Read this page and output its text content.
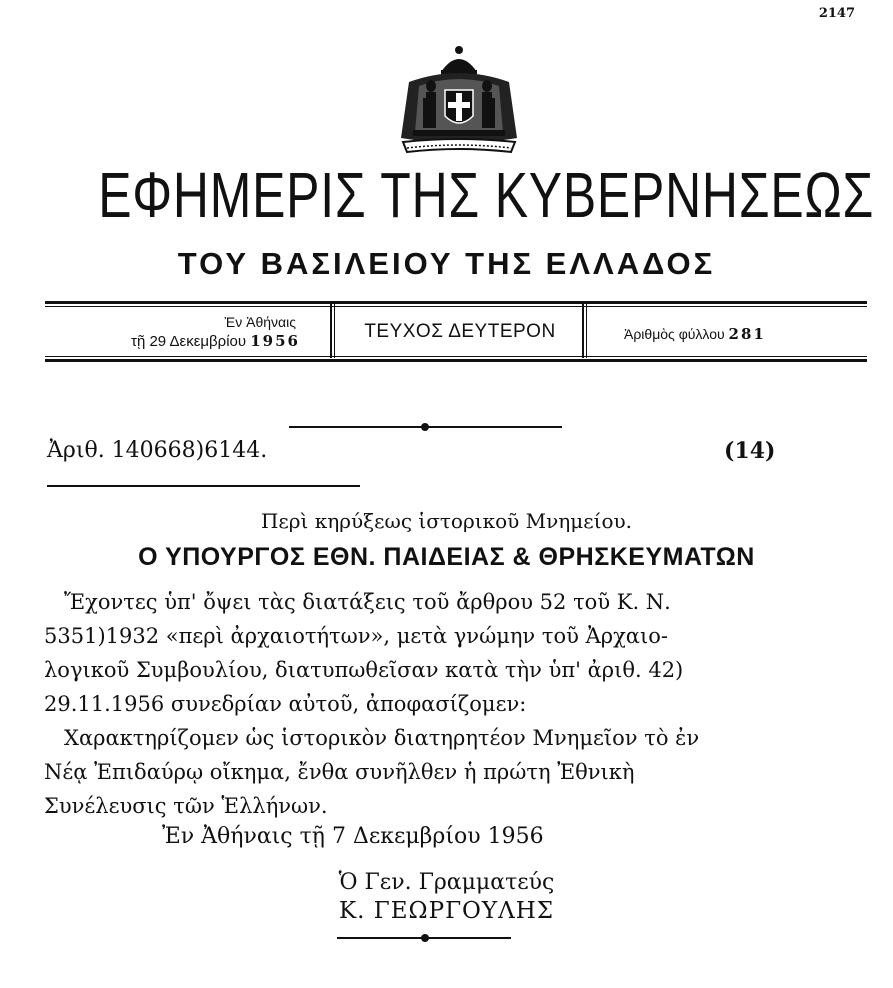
2147
ΕΦΗΜΕΡΙΣ ΤΗΣ ΚΥΒΕΡΝΗΣΕΩΣ
ΤΟΥ ΒΑΣΙΛΕΙΟΥ ΤΗΣ ΕΛΛΑΔΟΣ
Ἐν Ἀθήναις
τῇ 29 Δεκεμβρίου 1956	ΤΕΥΧΟΣ ΔΕΥΤΕΡΟΝ	Ἀριθμὸς φύλλου 281
Ἀριθ. 140668)6144.	(14)
Περὶ κηρύξεως ἱστορικοῦ Μνημείου.
Ο ΥΠΟΥΡΓΟΣ ΕΘΝ. ΠΑΙΔΕΙΑΣ & ΘΡΗΣΚΕΥΜΑΤΩΝ
Ἔχοντες ὑπ' ὄψει τὰς διατάξεις τοῦ ἄρθρου 52 τοῦ Κ. Ν.
5351)1932 «περὶ ἀρχαιοτήτων», μετὰ γνώμην τοῦ Ἀρχαιο-
λογικοῦ Συμβουλίου, διατυπωθεῖσαν κατὰ τὴν ὑπ' ἀριθ. 42)
29.11.1956 συνεδρίαν αὐτοῦ, ἀποφασίζομεν:
Χαρακτηρίζομεν ὡς ἱστορικὸν διατηρητέον Μνημεῖον τὸ ἐν
Νέᾳ Ἐπιδαύρῳ οἴκημα, ἔνθα συνῆλθεν ἡ πρώτη Ἐθνικὴ
Συνέλευσις τῶν Ἑλλήνων.
Ἐν Ἀθήναις τῇ 7 Δεκεμβρίου 1956
Ὁ Γεν. Γραμματεύς
Κ. ΓΕΩΡΓΟΥΛΗΣ
